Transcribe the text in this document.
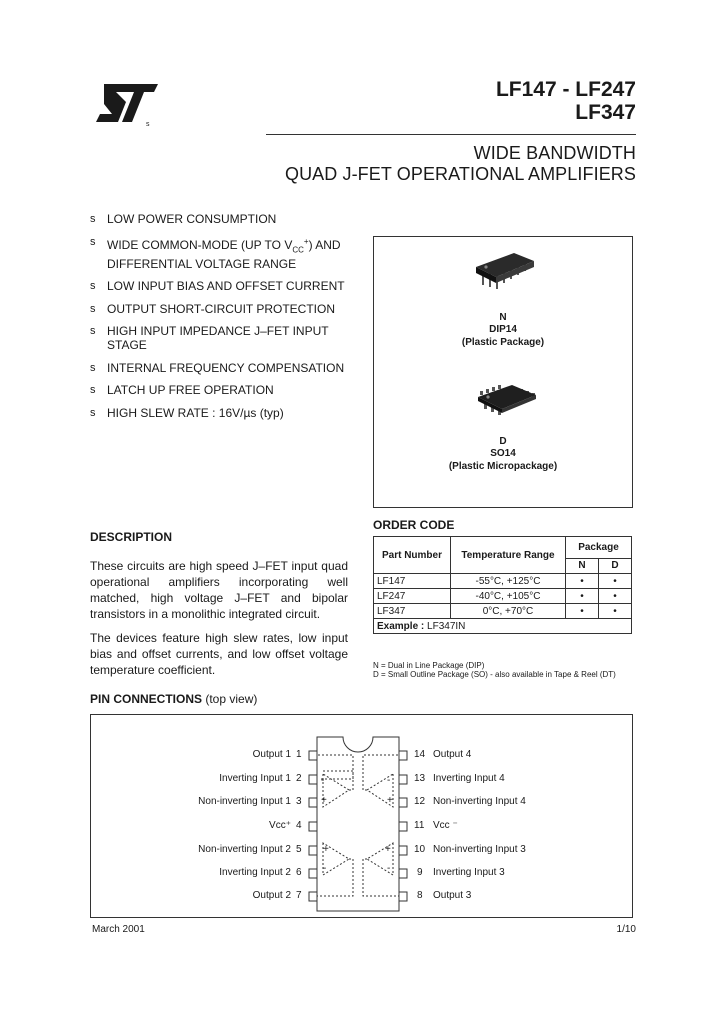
s
LF147 - LF247
LF347
WIDE BANDWIDTH
QUAD J-FET OPERATIONAL AMPLIFIERS
s LOW POWER CONSUMPTION
s WIDE COMMON-MODE (UP TO $V_{CC}^+$) AND
DIFFERENTIAL VOLTAGE RANGE
s LOW INPUT BIAS AND OFFSET CURRENT
s OUTPUT SHORT-CIRCUIT PROTECTION
s HIGH INPUT IMPEDANCE J–FET INPUT
STAGE
s INTERNAL FREQUENCY COMPENSATION
s LATCH UP FREE OPERATION
s HIGH SLEW RATE : 16V/µs (typ)
N
DIP14
(Plastic Package)
D
SO14
(Plastic Micropackage)
ORDER CODE
Part Number	Temperature Range	Package	
		N	D
LF147	-55°C, +125°C	•	•
LF247	-40°C, +105°C	•	•
LF347	0°C, +70°C	•	•
Example : LF347IN			
N = Dual in Line Package (DIP)
D = Small Outline Package (SO) - also available in Tape & Reel (DT)
DESCRIPTION
These circuits are high speed J–FET input quad operational amplifiers incorporating well matched, high voltage J–FET and bipolar transistors in a monolithic integrated circuit.
The devices feature high slew rates, low input bias and offset currents, and low offset voltage temperature coefficient.
PIN CONNECTIONS (top view)
-
+
-
+
+
-
+
-
Output 1 1
Inverting Input 1 2
Non-inverting Input 1 3
Vcc⁺ 4
Non-inverting Input 2 5
Inverting Input 2 6
Output 2 7
14 Output 4
13 Inverting Input 4
12 Non-inverting Input 4
11 Vcc ⁻
10 Non-inverting Input 3
9 Inverting Input 3
8 Output 3
March 2001	1/10
